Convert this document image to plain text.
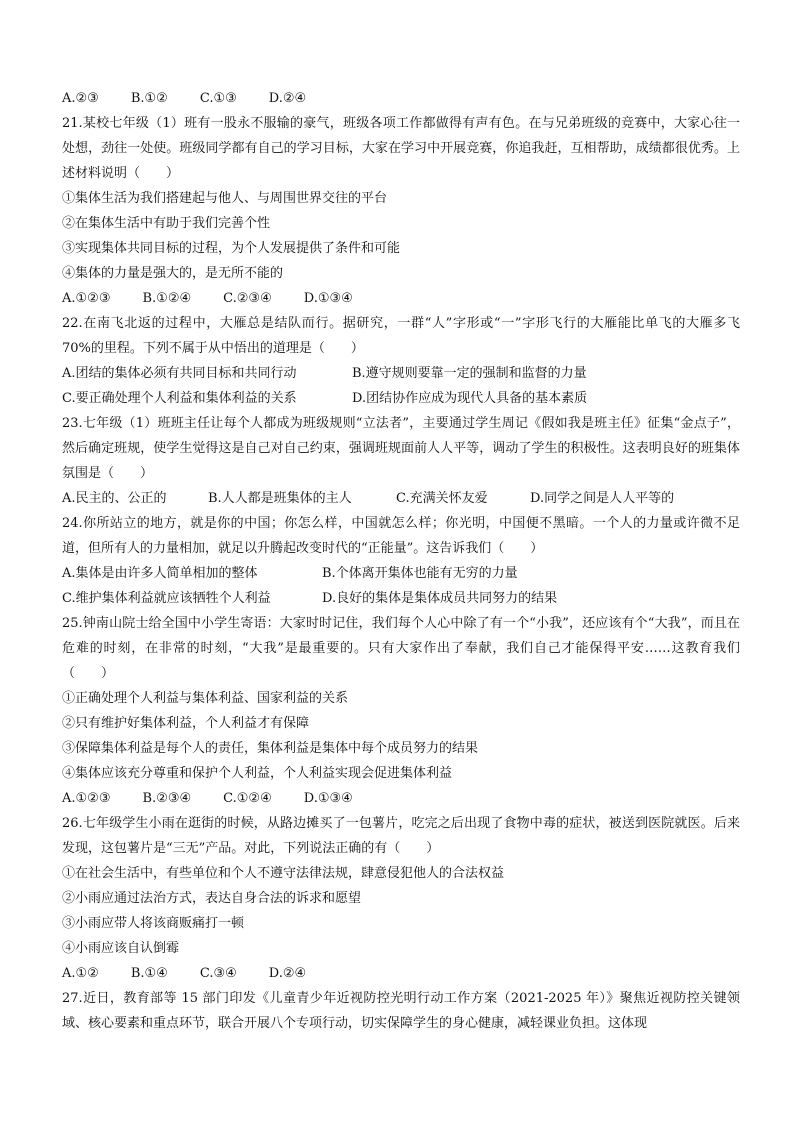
A.②③ B.①② C.①③ D.②④
21.某校七年级（1）班有一股永不服输的豪气，班级各项工作都做得有声有色。在与兄弟班级的竞赛中，大家心往一处想，劲往一处使。班级同学都有自己的学习目标，大家在学习中开展竞赛，你追我赶，互相帮助，成绩都很优秀。上述材料说明（　　）
①集体生活为我们搭建起与他人、与周围世界交往的平台
②在集体生活中有助于我们完善个性
③实现集体共同目标的过程，为个人发展提供了条件和可能
④集体的力量是强大的，是无所不能的
A.①②③ B.①②④ C.②③④ D.①③④
22.在南飞北返的过程中，大雁总是结队而行。据研究，一群“人”字形或“一”字形飞行的大雁能比单飞的大雁多飞 70%的里程。下列不属于从中悟出的道理是（　　）
A.团结的集体必须有共同目标和共同行动	B.遵守规则要靠一定的强制和监督的力量
C.要正确处理个人利益和集体利益的关系	D.团结协作应成为现代人具备的基本素质
23.七年级（1）班班主任让每个人都成为班级规则“立法者”，主要通过学生周记《假如我是班主任》征集“金点子”，然后确定班规，使学生觉得这是自己对自己约束，强调班规面前人人平等，调动了学生的积极性。这表明良好的班集体氛围是（　　）
A.民主的、公正的	B.人人都是班集体的主人	C.充满关怀友爱	D.同学之间是人人平等的
24.你所站立的地方，就是你的中国；你怎么样，中国就怎么样；你光明，中国便不黑暗。一个人的力量或许微不足道，但所有人的力量相加，就足以升腾起改变时代的“正能量”。这告诉我们（　　）
A.集体是由许多人简单相加的整体	B.个体离开集体也能有无穷的力量
C.维护集体利益就应该牺牲个人利益	D.良好的集体是集体成员共同努力的结果
25.钟南山院士给全国中小学生寄语：大家时时记住，我们每个人心中除了有一个“小我”，还应该有个“大我”，而且在危难的时刻，在非常的时刻，“大我”是最重要的。只有大家作出了奉献，我们自己才能保得平安……这教育我们（　　）
①正确处理个人利益与集体利益、国家利益的关系
②只有维护好集体利益，个人利益才有保障
③保障集体利益是每个人的责任，集体利益是集体中每个成员努力的结果
④集体应该充分尊重和保护个人利益，个人利益实现会促进集体利益
A.①②③ B.②③④ C.①②④ D.①③④
26.七年级学生小雨在逛街的时候，从路边摊买了一包薯片，吃完之后出现了食物中毒的症状，被送到医院就医。后来发现，这包薯片是“三无”产品。对此，下列说法正确的有（　　）
①在社会生活中，有些单位和个人不遵守法律法规，肆意侵犯他人的合法权益
②小雨应通过法治方式，表达自身合法的诉求和愿望
③小雨应带人将该商贩痛打一顿
④小雨应该自认倒霉
A.①② B.①④ C.③④ D.②④
27.近日，教育部等 15 部门印发《儿童青少年近视防控光明行动工作方案（2021-2025 年）》聚焦近视防控关键领域、核心要素和重点环节，联合开展八个专项行动，切实保障学生的身心健康，减轻课业负担。这体现
